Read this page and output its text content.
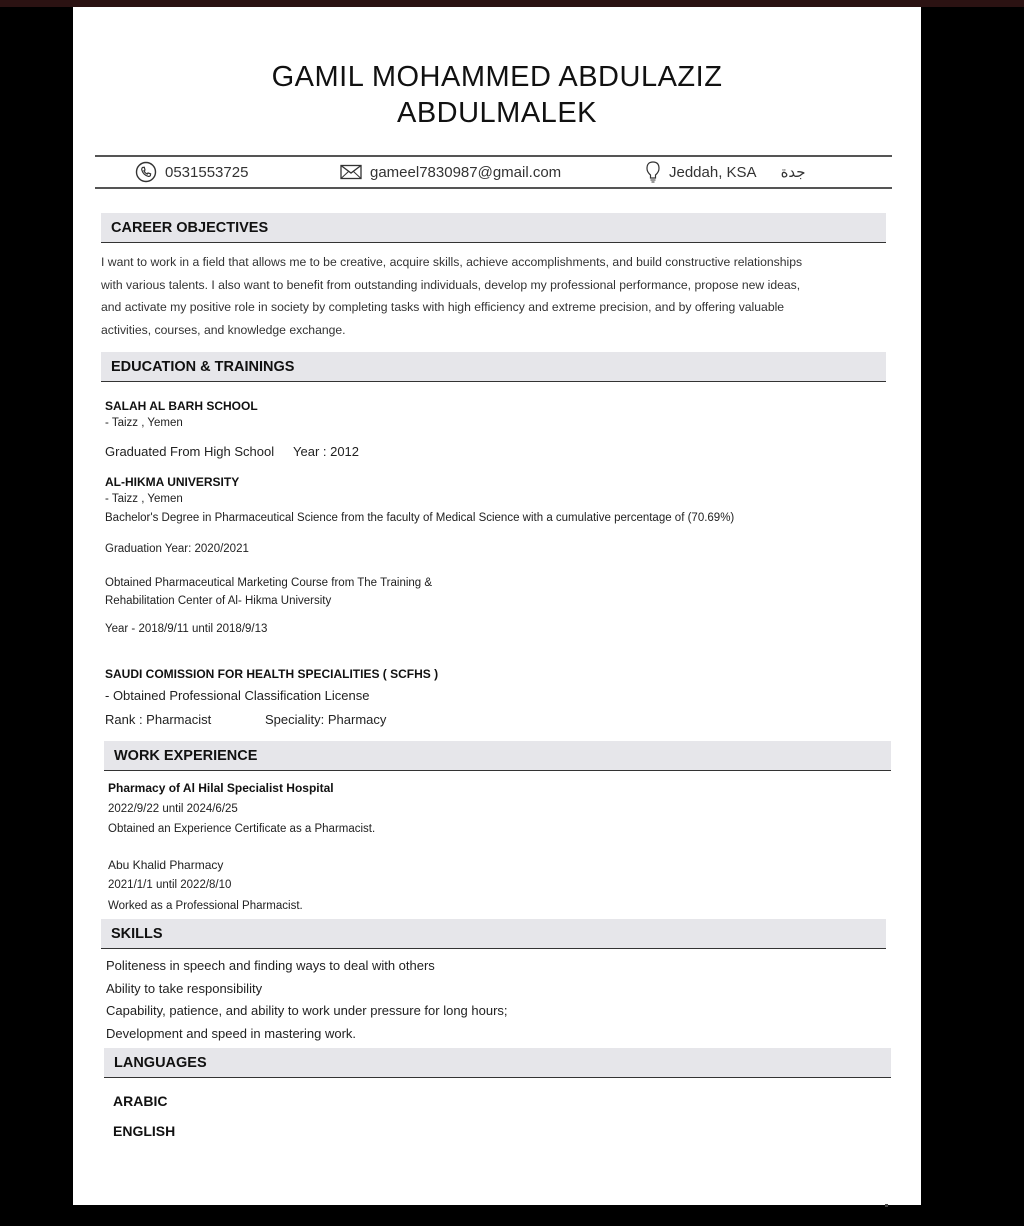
GAMIL MOHAMMED ABDULAZIZ
ABDULMALEK
0531553725	gameel7830987@gmail.com	Jeddah, KSA جدة
CAREER OBJECTIVES
I want to work in a field that allows me to be creative, acquire skills, achieve accomplishments, and build constructive relationships
with various talents. I also want to benefit from outstanding individuals, develop my professional performance, propose new ideas,
and activate my positive role in society by completing tasks with high efficiency and extreme precision, and by offering valuable
activities, courses, and knowledge exchange.
EDUCATION & TRAININGS
SALAH AL BARH SCHOOL
- Taizz , Yemen
Graduated From High School Year : 2012
AL-HIKMA UNIVERSITY
- Taizz , Yemen
Bachelor's Degree in Pharmaceutical Science from the faculty of Medical Science with a cumulative percentage of (70.69%)
Graduation Year: 2020/2021
Obtained Pharmaceutical Marketing Course from The Training &
Rehabilitation Center of Al- Hikma University
Year - 2018/9/11 until 2018/9/13
SAUDI COMISSION FOR HEALTH SPECIALITIES ( SCFHS )
- Obtained Professional Classification License
Rank : Pharmacist	Speciality: Pharmacy
WORK EXPERIENCE
Pharmacy of Al Hilal Specialist Hospital
2022/9/22 until 2024/6/25
Obtained an Experience Certificate as a Pharmacist.
Abu Khalid Pharmacy
2021/1/1 until 2022/8/10
Worked as a Professional Pharmacist.
SKILLS
Politeness in speech and finding ways to deal with others
Ability to take responsibility
Capability, patience, and ability to work under pressure for long hours;
Development and speed in mastering work.
LANGUAGES
ARABIC
ENGLISH
